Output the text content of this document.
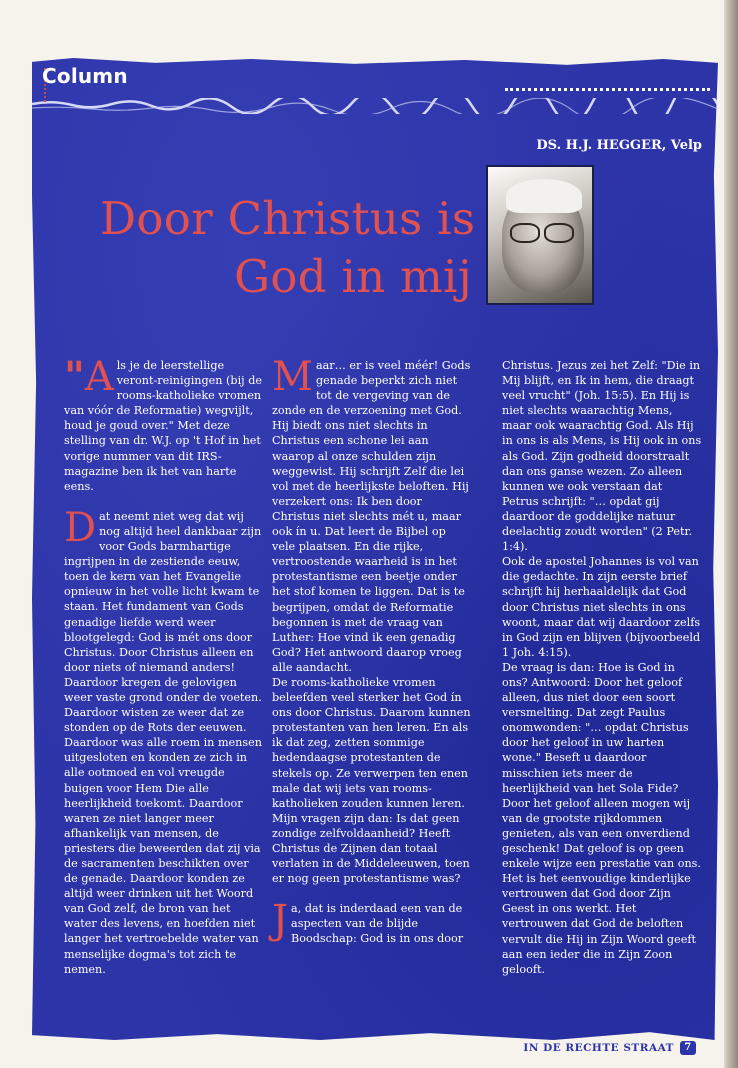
Column
DS. H.J. HEGGER, Velp
Door Christus is
God in mij

"A ls je de leerstellige veront-reinigingen (bij de rooms-katholieke vromen van vóór de Reformatie) wegvijlt, houd je goud over." Met deze stelling van dr. W.J. op 't Hof in het vorige nummer van dit IRS-magazine ben ik het van harte eens.

Dat neemt niet weg dat wij nog altijd heel dankbaar zijn voor Gods barmhartige ingrijpen in de zestiende eeuw, toen de kern van het Evangelie opnieuw in het volle licht kwam te staan. Het fundament van Gods genadige liefde werd weer blootgelegd: God is mét ons door Christus. Door Christus alleen en door niets of niemand anders! Daardoor kregen de gelovigen weer vaste grond onder de voeten. Daardoor wisten ze weer dat ze stonden op de Rots der eeuwen. Daardoor was alle roem in mensen uitgesloten en konden ze zich in alle ootmoed en vol vreugde buigen voor Hem Die alle heerlijkheid toekomt. Daardoor waren ze niet langer meer afhankelijk van mensen, de priesters die beweerden dat zij via de sacramenten beschikten over de genade. Daardoor konden ze altijd weer drinken uit het Woord van God zelf, de bron van het water des levens, en hoefden niet langer het vertroebelde water van menselijke dogma's tot zich te nemen.

Maar… er is veel méér! Gods genade beperkt zich niet tot de vergeving van de zonde en de verzoening met God. Hij biedt ons niet slechts in Christus een schone lei aan waarop al onze schulden zijn weggewist. Hij schrijft Zelf die lei vol met de heerlijkste beloften. Hij verzekert ons: Ik ben door Christus niet slechts mét u, maar ook ín u. Dat leert de Bijbel op vele plaatsen. En die rijke, vertroostende waarheid is in het protestantisme een beetje onder het stof komen te liggen. Dat is te begrijpen, omdat de Reformatie begonnen is met de vraag van Luther: Hoe vind ik een genadig God? Het antwoord daarop vroeg alle aandacht.

De rooms-katholieke vromen beleefden veel sterker het God ín ons door Christus. Daarom kunnen protestanten van hen leren. En als ik dat zeg, zetten sommige hedendaagse protestanten de stekels op. Ze verwerpen ten enen male dat wij iets van rooms-katholieken zouden kunnen leren. Mijn vragen zijn dan: Is dat geen zondige zelfvoldaanheid? Heeft Christus de Zijnen dan totaal verlaten in de Middeleeuwen, toen er nog geen protestantisme was?

Ja, dat is inderdaad een van de aspecten van de blijde Boodschap: God is in ons door

Christus. Jezus zei het Zelf: "Die in Mij blijft, en Ik in hem, die draagt veel vrucht" (Joh. 15:5). En Hij is niet slechts waarachtig Mens, maar ook waarachtig God. Als Hij in ons is als Mens, is Hij ook in ons als God. Zijn godheid doorstraalt dan ons ganse wezen. Zo alleen kunnen we ook verstaan dat Petrus schrijft: "… opdat gij daardoor de goddelijke natuur deelachtig zoudt worden" (2 Petr. 1:4).

Ook de apostel Johannes is vol van die gedachte. In zijn eerste brief schrijft hij herhaaldelijk dat God door Christus niet slechts in ons woont, maar dat wij daardoor zelfs in God zijn en blijven (bijvoorbeeld 1 Joh. 4:15).

De vraag is dan: Hoe is God in ons? Antwoord: Door het geloof alleen, dus niet door een soort versmelting. Dat zegt Paulus onomwonden: "… opdat Christus door het geloof in uw harten wone." Beseft u daardoor misschien iets meer de heerlijkheid van het Sola Fide? Door het geloof alleen mogen wij van de grootste rijkdommen genieten, als van een onverdiend geschenk! Dat geloof is op geen enkele wijze een prestatie van ons. Het is het eenvoudige kinderlijke vertrouwen dat God door Zijn Geest in ons werkt. Het vertrouwen dat God de beloften vervult die Hij in Zijn Woord geeft aan een ieder die in Zijn Zoon gelooft.

IN DE RECHTE STRAAT	7
